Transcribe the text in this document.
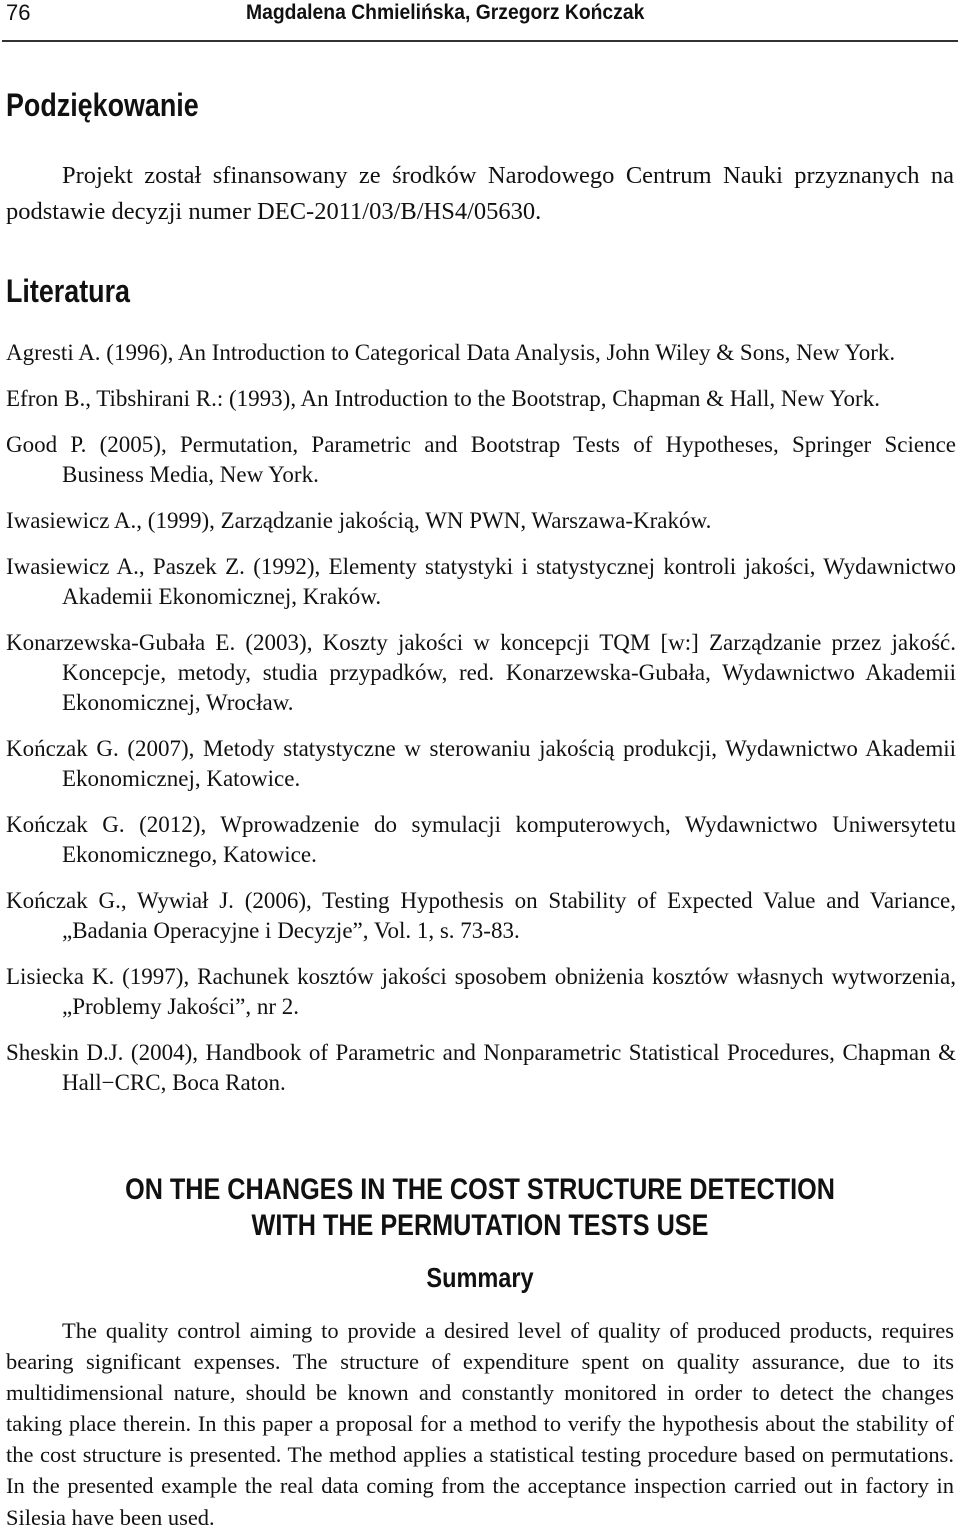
76	Magdalena Chmielińska, Grzegorz Kończak
Podziękowanie
Projekt został sfinansowany ze środków Narodowego Centrum Nauki przyznanych na podstawie decyzji numer DEC-2011/03/B/HS4/05630.
Literatura

Agresti A. (1996), An Introduction to Categorical Data Analysis, John Wiley & Sons, New York.

Efron B., Tibshirani R.: (1993), An Introduction to the Bootstrap, Chapman & Hall, New York.

Good P. (2005), Permutation, Parametric and Bootstrap Tests of Hypotheses, Springer Science Business Media, New York.

Iwasiewicz A., (1999), Zarządzanie jakością, WN PWN, Warszawa-Kraków.

Iwasiewicz A., Paszek Z. (1992), Elementy statystyki i statystycznej kontroli jakości, Wydawnictwo Akademii Ekonomicznej, Kraków.

Konarzewska-Gubała E. (2003), Koszty jakości w koncepcji TQM [w:] Zarządzanie przez jakość. Koncepcje, metody, studia przypadków, red. Konarzewska-Gubała, Wydawnictwo Akademii Ekonomicznej, Wrocław.

Kończak G. (2007), Metody statystyczne w sterowaniu jakością produkcji, Wydawnictwo Akademii Ekonomicznej, Katowice.

Kończak G. (2012), Wprowadzenie do symulacji komputerowych, Wydawnictwo Uniwersytetu Ekonomicznego, Katowice.

Kończak G., Wywiał J. (2006), Testing Hypothesis on Stability of Expected Value and Variance, „Badania Operacyjne i Decyzje”, Vol. 1, s. 73-83.

Lisiecka K. (1997), Rachunek kosztów jakości sposobem obniżenia kosztów własnych wytworzenia, „Problemy Jakości”, nr 2.

Sheskin D.J. (2004), Handbook of Parametric and Nonparametric Statistical Procedures, Chapman & Hall−CRC, Boca Raton.

ON THE CHANGES IN THE COST STRUCTURE DETECTION

WITH THE PERMUTATION TESTS USE

Summary

The quality control aiming to provide a desired level of quality of produced products, requires bearing significant expenses. The structure of expenditure spent on quality assurance, due to its multidimensional nature, should be known and constantly monitored in order to detect the changes taking place therein. In this paper a proposal for a method to verify the hypothesis about the stability of the cost structure is presented. The method applies a statistical testing procedure based on permutations. In the presented example the real data coming from the acceptance inspection carried out in factory in Silesia have been used.
